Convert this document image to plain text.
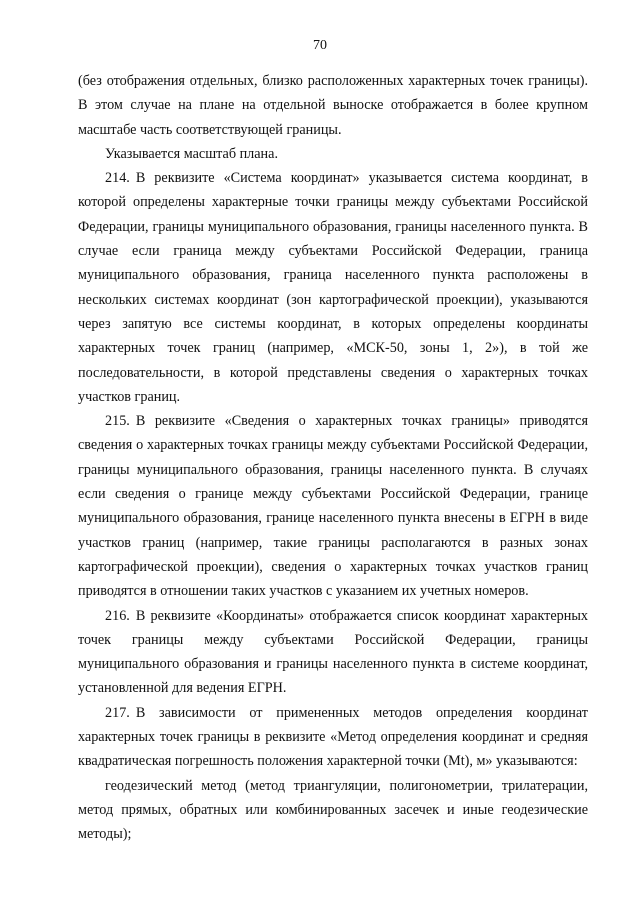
70

(без отображения отдельных, близко расположенных характерных точек границы). В этом случае на плане на отдельной выноске отображается в более крупном масштабе часть соответствующей границы.

Указывается масштаб плана.

214. В реквизите «Система координат» указывается система координат, в которой определены характерные точки границы между субъектами Российской Федерации, границы муниципального образования, границы населенного пункта. В случае если граница между субъектами Российской Федерации, граница муниципального образования, граница населенного пункта расположены в нескольких системах координат (зон картографической проекции), указываются через запятую все системы координат, в которых определены координаты характерных точек границ (например, «МСК-50, зоны 1, 2»), в той же последовательности, в которой представлены сведения о характерных точках участков границ.

215. В реквизите «Сведения о характерных точках границы» приводятся сведения о характерных точках границы между субъектами Российской Федерации, границы муниципального образования, границы населенного пункта. В случаях если сведения о границе между субъектами Российской Федерации, границе муниципального образования, границе населенного пункта внесены в ЕГРН в виде участков границ (например, такие границы располагаются в разных зонах картографической проекции), сведения о характерных точках участков границ приводятся в отношении таких участков с указанием их учетных номеров.

216. В реквизите «Координаты» отображается список координат характерных точек границы между субъектами Российской Федерации, границы муниципального образования и границы населенного пункта в системе координат, установленной для ведения ЕГРН.

217. В зависимости от примененных методов определения координат характерных точек границы в реквизите «Метод определения координат и средняя квадратическая погрешность положения характерной точки (Mt), м» указываются:

геодезический метод (метод триангуляции, полигонометрии, трилатерации, метод прямых, обратных или комбинированных засечек и иные геодезические методы);
